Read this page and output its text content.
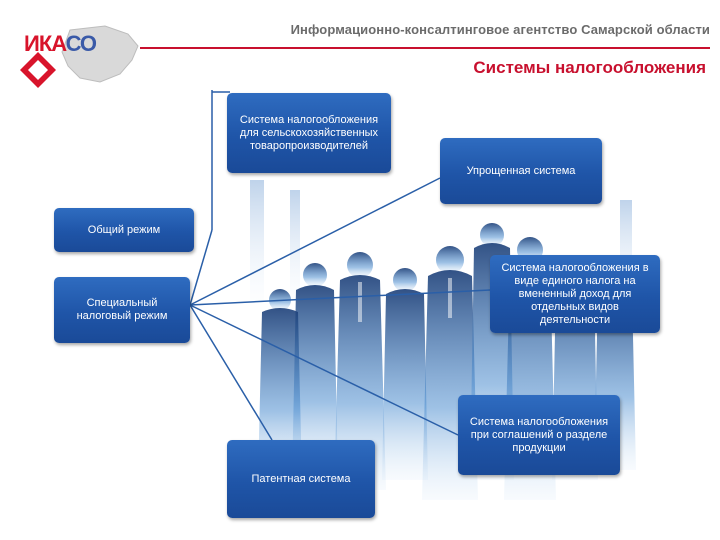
ИКАСО
Информационно-консалтинговое агентство Самарской области
Системы налогообложения
Система налогообложения для сельскохозяйственных товаропроизводителей
Упрощенная система
Общий режим
Специальный налоговый режим
Система налогообложения в виде единого налога на вмененный доход для отдельных видов деятельности
Система налогообложения при соглашений о разделе продукции
Патентная система
